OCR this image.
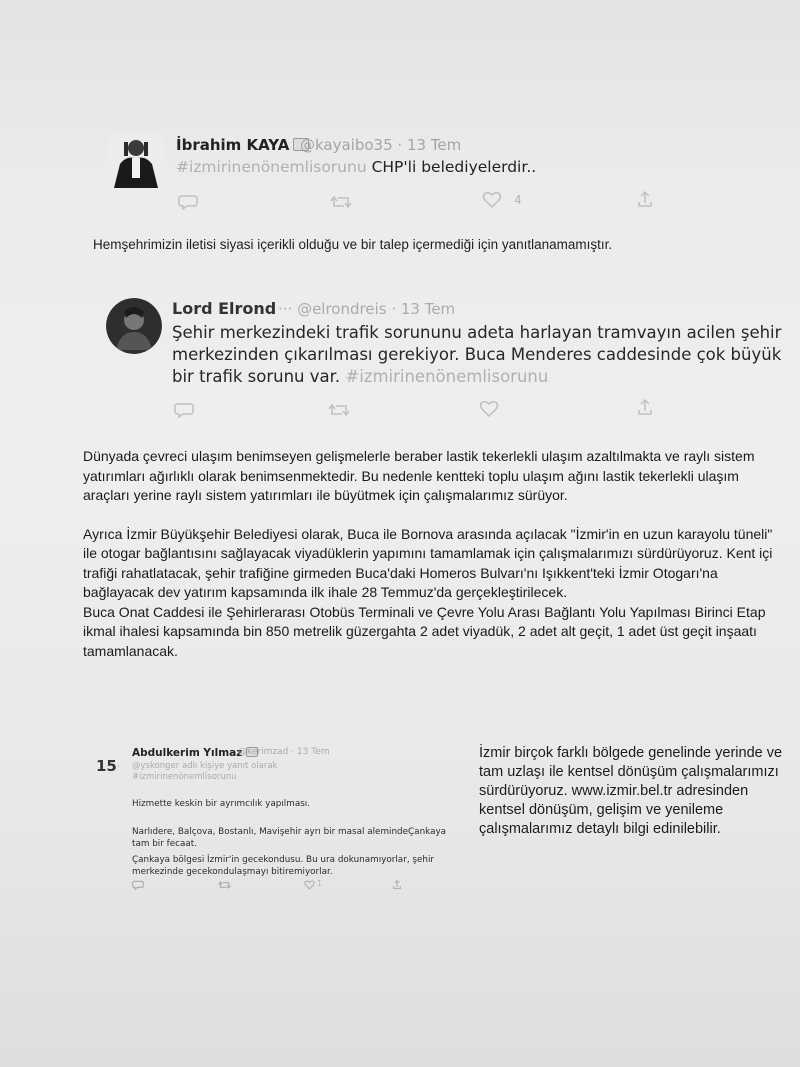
İbrahim KAYA @kayaibo35 · 13 Tem
#izmirinenönemlisorunu CHP'li belediyelerdir..
4
Hemşehrimizin iletisi siyasi içerikli olduğu ve bir talep içermediği için yanıtlanamamıştır.
Lord Elrond ··· @elrondreis · 13 Tem
Şehir merkezindeki trafik sorununu adeta harlayan tramvayın acilen şehir merkezinden çıkarılması gerekiyor. Buca Menderes caddesinde çok büyük bir trafik sorunu var. #izmirinenönemlisorunu

Dünyada çevreci ulaşım benimseyen gelişmelerle beraber lastik tekerlekli ulaşım azaltılmakta ve raylı sistem yatırımları ağırlıklı olarak benimsenmektedir. Bu nedenle kentteki toplu ulaşım ağını lastik tekerlekli ulaşım araçları yerine raylı sistem yatırımları ile büyütmek için çalışmalarımız sürüyor.

Ayrıca İzmir Büyükşehir Belediyesi olarak, Buca ile Bornova arasında açılacak "İzmir'in en uzun karayolu tüneli" ile otogar bağlantısını sağlayacak viyadüklerin yapımını tamamlamak için çalışmalarımızı sürdürüyoruz. Kent içi trafiği rahatlatacak, şehir trafiğine girmeden Buca'daki Homeros Bulvarı'nı Işıkkent'teki İzmir Otogarı'na bağlayacak dev yatırım kapsamında ilk ihale 28 Temmuz'da gerçekleştirilecek.

Buca Onat Caddesi ile Şehirlerarası Otobüs Terminali ve Çevre Yolu Arası Bağlantı Yolu Yapılması Birinci Etap ikmal ihalesi kapsamında bin 850 metrelik güzergahta 2 adet viyadük, 2 adet alt geçit, 1 adet üst geçit inşaatı tamamlanacak.

15 ·
Abdulkerim Yılmaz
@kerimzad · 13 Tem
@yskonger adlı kişiye yanıt olarak
#izmirinenönemlisorunu

Hizmette keskin bir ayrımcılık yapılması.

Narlıdere, Balçova, Bostanlı, Mavişehir ayrı bir masal alemindeÇankaya tam bir fecaat.

Çankaya bölgesi İzmir'in gecekondusu. Bu ura dokunamıyorlar, şehir merkezinde gecekondulaşmayı bitiremiyorlar.

1
İzmir birçok farklı bölgede genelinde yerinde ve tam uzlaşı ile kentsel dönüşüm çalışmalarımızı sürdürüyoruz. www.izmir.bel.tr adresinden kentsel dönüşüm, gelişim ve yenileme çalışmalarımız detaylı bilgi edinilebilir.
